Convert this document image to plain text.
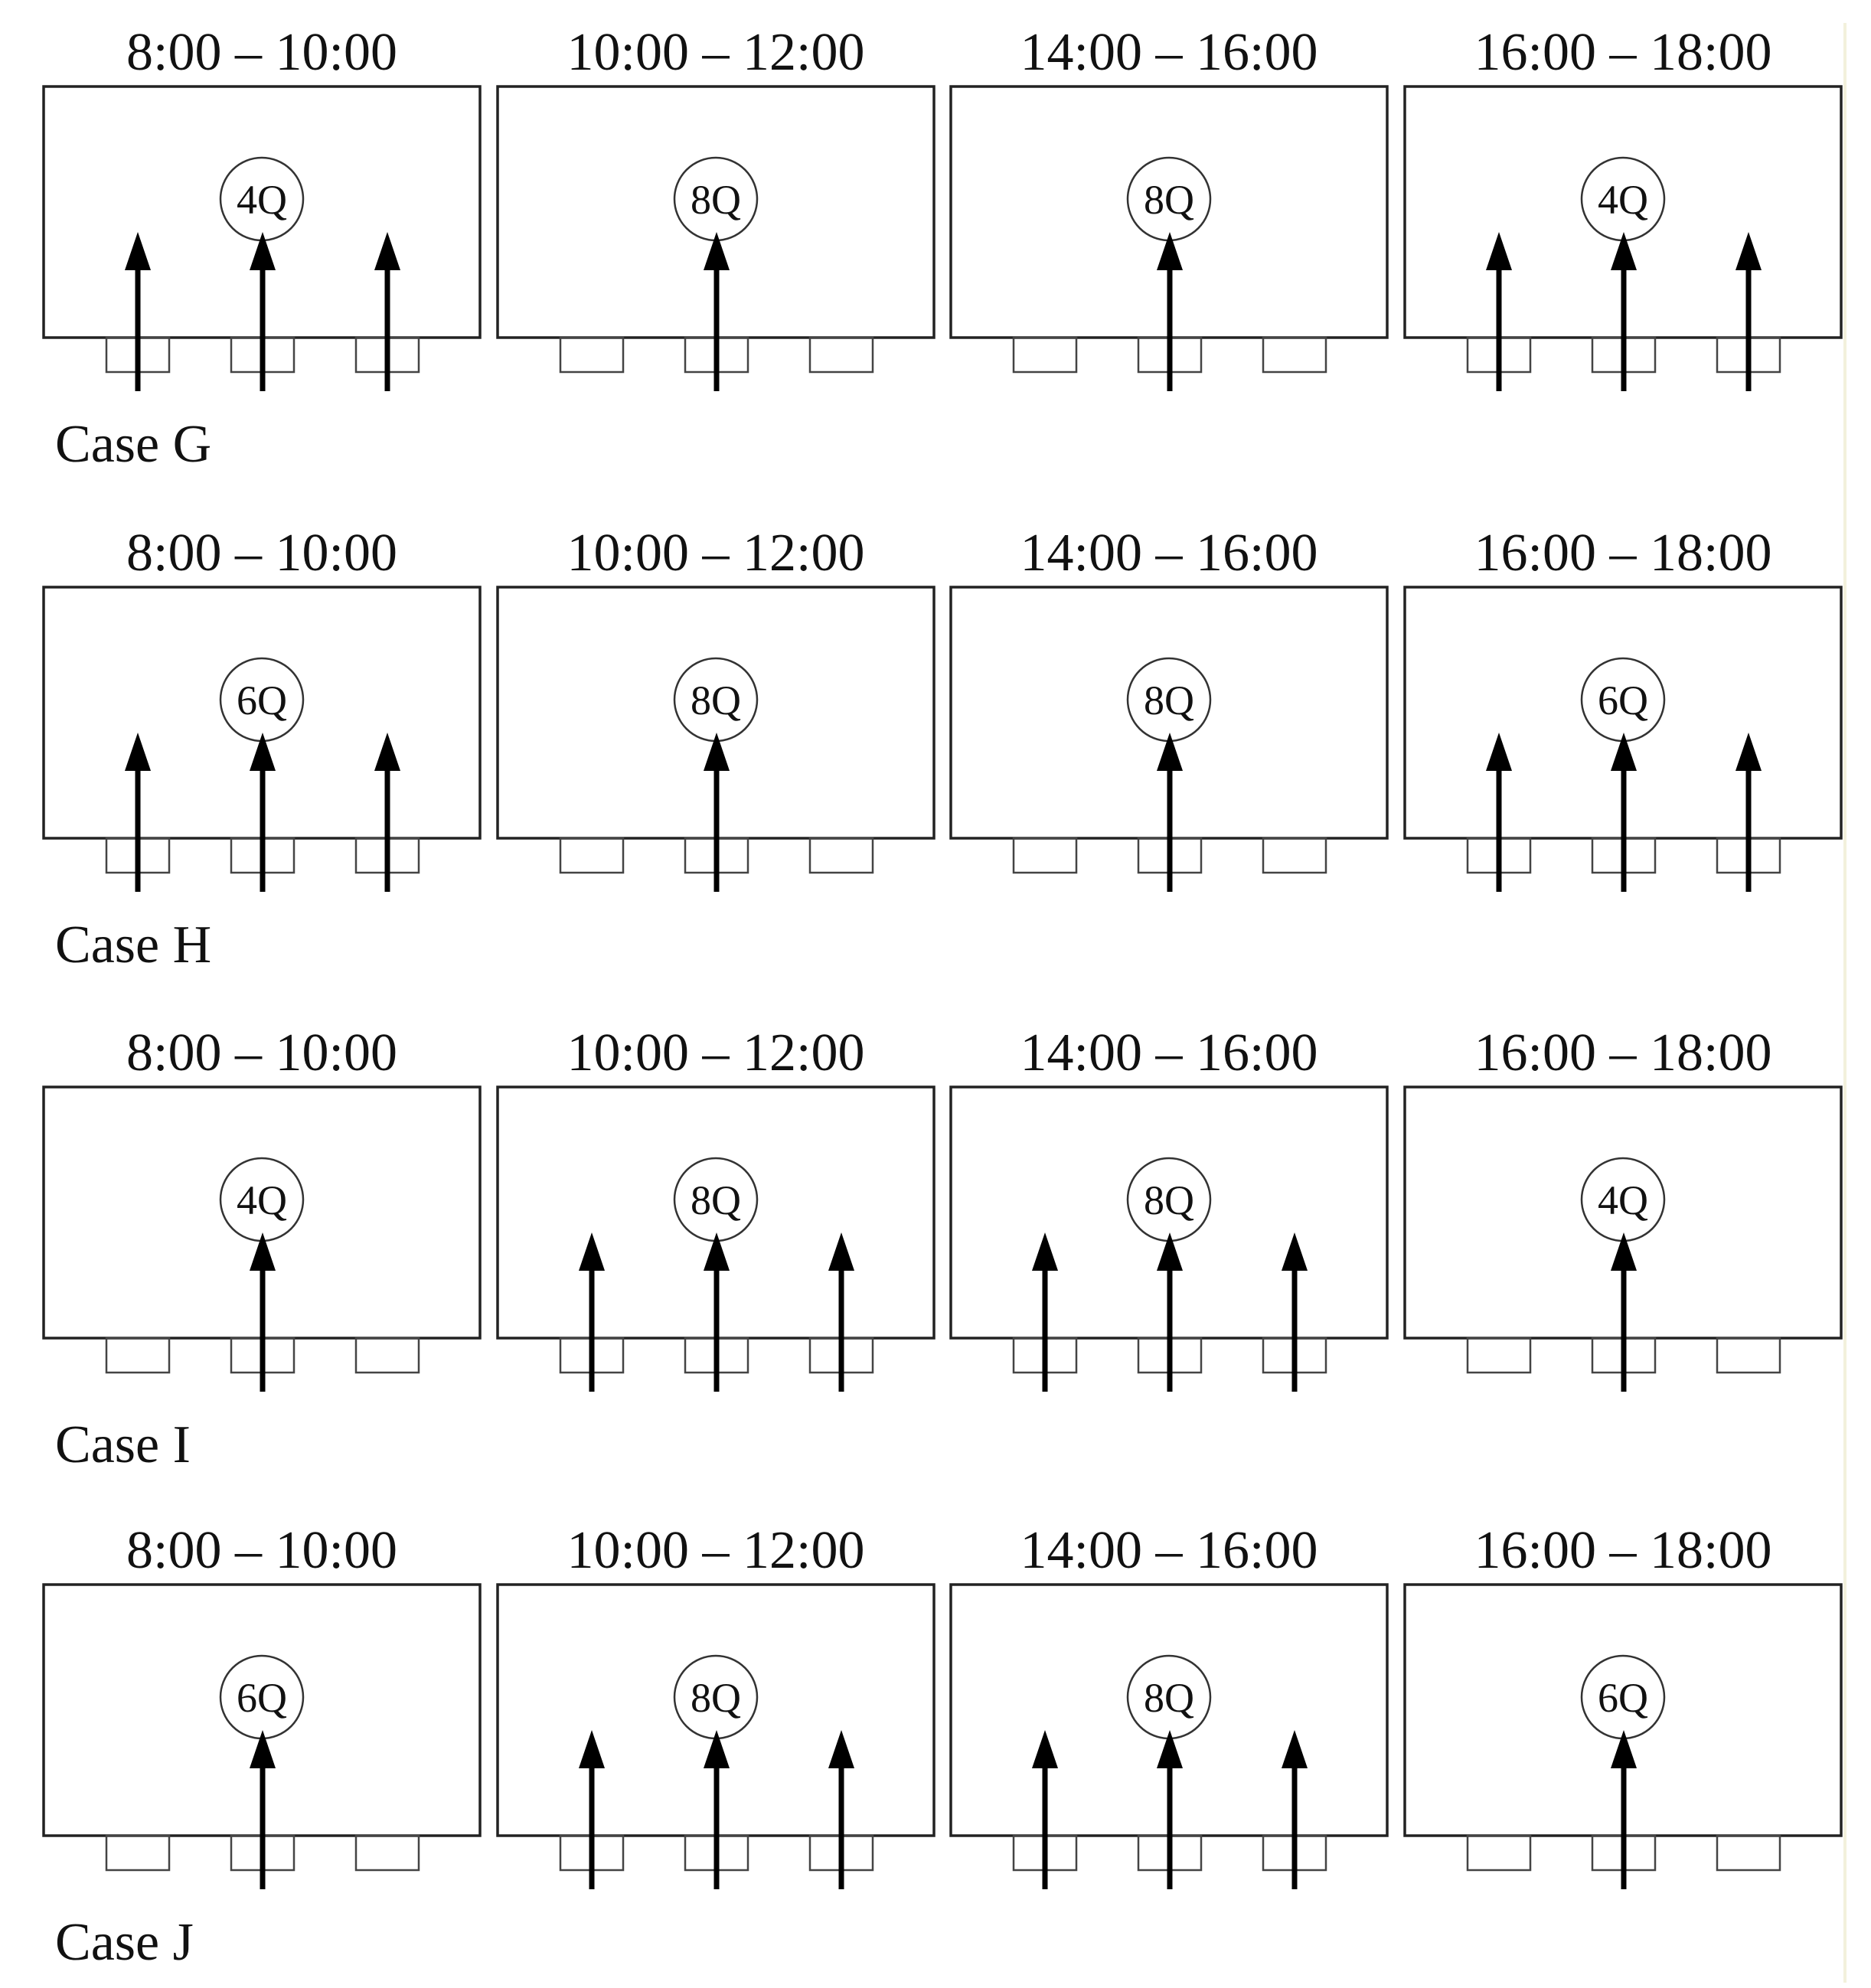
8:00 – 10:00
4Q
10:00 – 12:00
8Q
14:00 – 16:00
8Q
16:00 – 18:00
4Q
Case G
8:00 – 10:00
6Q
10:00 – 12:00
8Q
14:00 – 16:00
8Q
16:00 – 18:00
6Q
Case H
8:00 – 10:00
4Q
10:00 – 12:00
8Q
14:00 – 16:00
8Q
16:00 – 18:00
4Q
Case I
8:00 – 10:00
6Q
10:00 – 12:00
8Q
14:00 – 16:00
8Q
16:00 – 18:00
6Q
Case J
